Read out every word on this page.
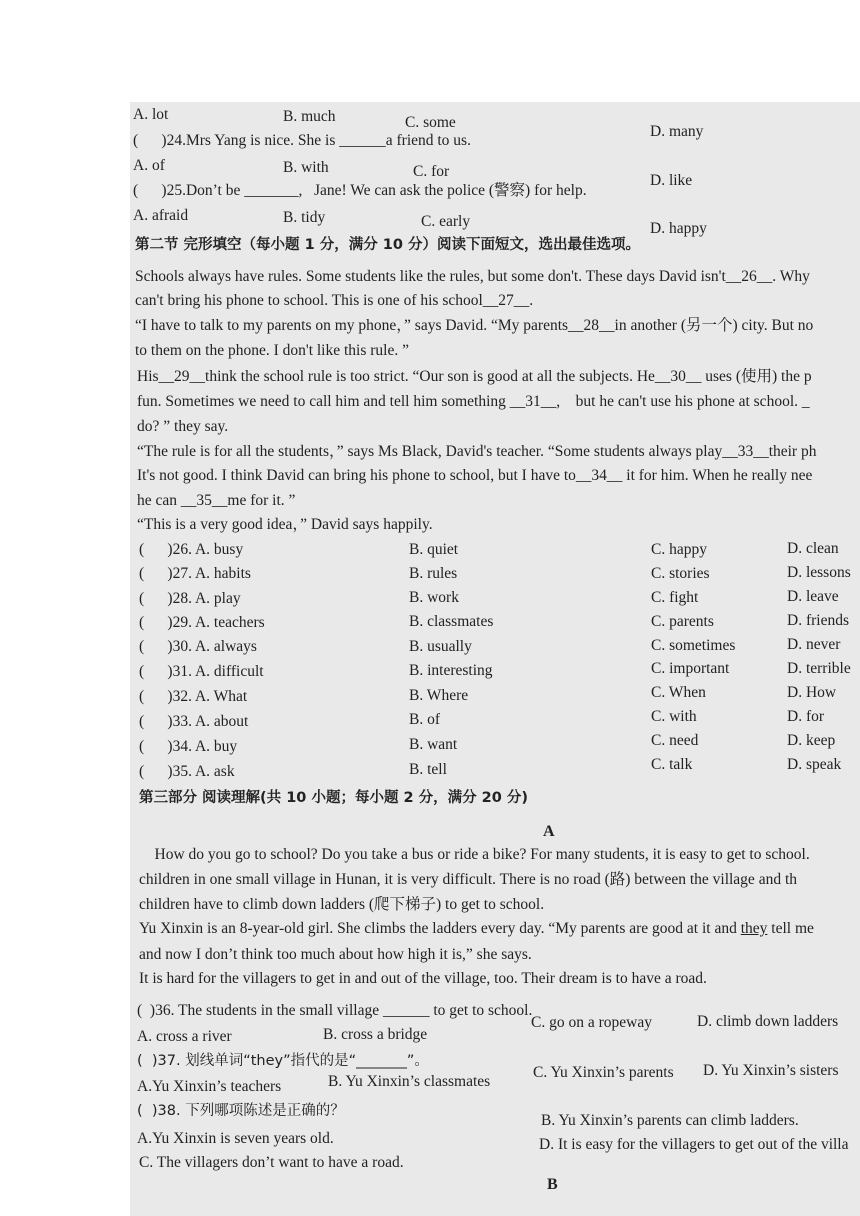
A. lot	B. much	C. some
D. many
(      )24.Mrs Yang is nice. She is ______a friend to us.
A. of	B. with	C. for
D. like
(      )25.Don’t be _______,   Jane! We can ask the police (警察) for help.
A. afraid	B. tidy	C. early	D. happy
第二节 完形填空（每小题 1 分，满分 10 分）阅读下面短文，选出最佳选项。
Schools always have rules. Some students like the rules, but some don't. These days David isn't__26__. Why
can't bring his phone to school. This is one of his school__27__.
“I have to talk to my parents on my phone，” says David. “My parents__28__in another (另一个) city. But no
to them on the phone. I don't like this rule. ”
His__29__think the school rule is too strict. “Our son is good at all the subjects. He__30__ uses (使用) the p
fun. Sometimes we need to call him and tell him something __31__,    but he can't use his phone at school. _
do? ” they say.
“The rule is for all the students，” says Ms Black, David's teacher. “Some students always play__33__their ph
It's not good. I think David can bring his phone to school, but I have to__34__ it for him. When he really nee
he can __35__me for it. ”
“This is a very good idea，” David says happily.
(      )26. A. busy	B. quiet	C. happy	D. clean
(      )27. A. habits	B. rules	C. stories	D. lessons
(      )28. A. play	B. work	C. fight	D. leave
(      )29. A. teachers	B. classmates	C. parents	D. friends
(      )30. A. always	B. usually	C. sometimes	D. never
(      )31. A. difficult	B. interesting	C. important	D. terrible
(      )32. A. What	B. Where	C. When	D. How
(      )33. A. about	B. of	C. with	D. for
(      )34. A. buy	B. want	C. need	D. keep
(      )35. A. ask	B. tell	C. talk	D. speak
第三部分 阅读理解(共 10 小题；每小题 2 分，满分 20 分)
A
How do you go to school? Do you take a bus or ride a bike? For many students, it is easy to get to school.
children in one small village in Hunan, it is very difficult. There is no road (路) between the village and th
children have to climb down ladders (爬下梯子) to get to school.
Yu Xinxin is an 8-year-old girl. She climbs the ladders every day. “My parents are good at it and they tell me
and now I don’t think too much about how high it is,” she says.
It is hard for the villagers to get in and out of the village, too. Their dream is to have a road.
(  )36. The students in the small village ______ to get to school.
A. cross a river	B. cross a bridge
C. go on a ropeway	D. climb down ladders
(  )37. 划线单词“they”指代的是“_______”。
A.Yu Xinxin’s teachers	B. Yu Xinxin’s classmates
C. Yu Xinxin’s parents D. Yu Xinxin’s sisters
(  )38. 下列哪项陈述是正确的？
A.Yu Xinxin is seven years old.
B. Yu Xinxin’s parents can climb ladders.
C. The villagers don’t want to have a road.
D. It is easy for the villagers to get out of the villa
B
